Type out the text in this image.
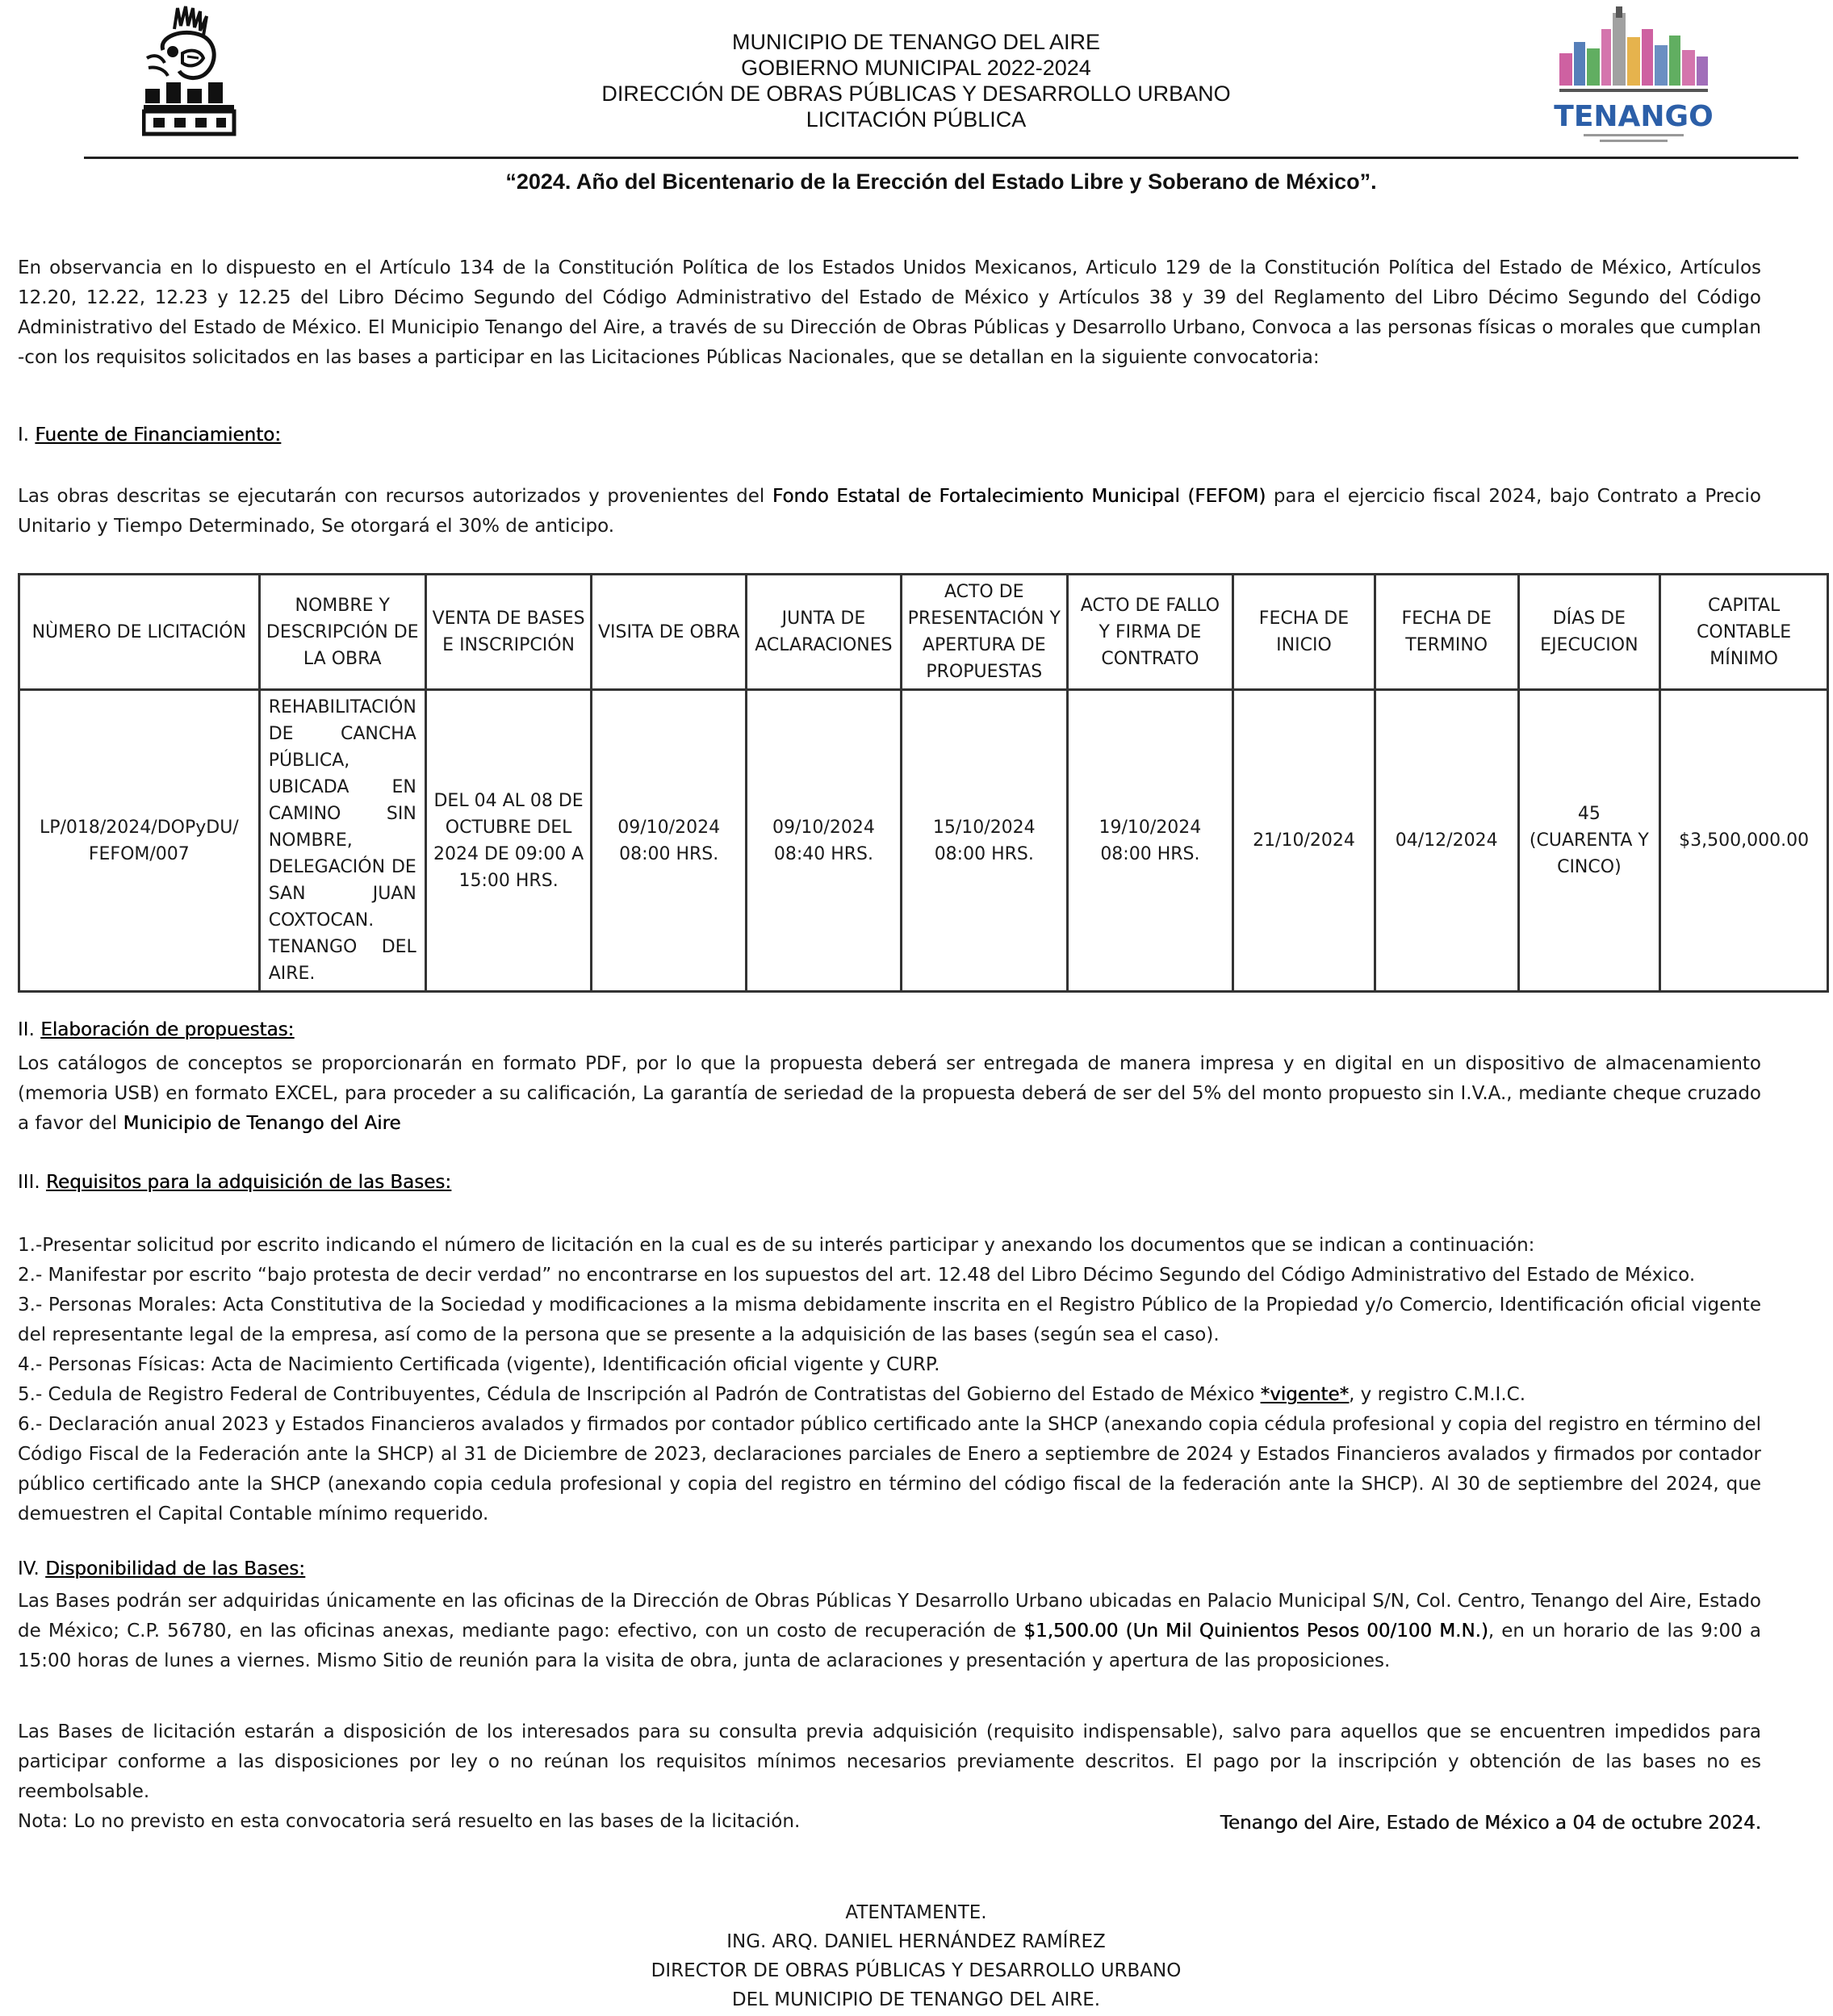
MUNICIPIO DE TENANGO DEL AIRE
GOBIERNO MUNICIPAL 2022-2024
DIRECCIÓN DE OBRAS PÚBLICAS Y DESARROLLO URBANO
LICITACIÓN PÚBLICA	TENANGO
“2024. Año del Bicentenario de la Erección del Estado Libre y Soberano de México”.
En observancia en lo dispuesto en el Artículo 134 de la Constitución Política de los Estados Unidos Mexicanos, Articulo 129 de la Constitución Política del Estado de México, Artículos 12.20, 12.22, 12.23 y 12.25 del Libro Décimo Segundo del Código Administrativo del Estado de México y Artículos 38 y 39 del Reglamento del Libro Décimo Segundo del Código Administrativo del Estado de México. El Municipio Tenango del Aire, a través de su Dirección de Obras Públicas y Desarrollo Urbano, Convoca a las personas físicas o morales que cumplan -con los requisitos solicitados en las bases a participar en las Licitaciones Públicas Nacionales, que se detallan en la siguiente convocatoria:
I. Fuente de Financiamiento:
Las obras descritas se ejecutarán con recursos autorizados y provenientes del Fondo Estatal de Fortalecimiento Municipal (FEFOM) para el ejercicio fiscal 2024, bajo Contrato a Precio Unitario y Tiempo Determinado, Se otorgará el 30% de anticipo.
NÙMERO DE LICITACIÓN	NOMBRE Y DESCRIPCIÓN DE LA OBRA	VENTA DE BASES E INSCRIPCIÓN	VISITA DE OBRA	JUNTA DE ACLARACIONES	ACTO DE PRESENTACIÓN Y APERTURA DE PROPUESTAS	ACTO DE FALLO Y FIRMA DE CONTRATO	FECHA DE INICIO	FECHA DE TERMINO	DÍAS DE EJECUCION	CAPITAL CONTABLE MÍNIMO
LP/018/2024/DOPyDU/ FEFOM/007	REHABILITACIÓN DE CANCHA PÚBLICA, UBICADA EN CAMINO SIN NOMBRE, DELEGACIÓN DE SAN JUAN COXTOCAN. TENANGO DEL AIRE.	DEL 04 AL 08 DE OCTUBRE DEL 2024 DE 09:00 A 15:00 HRS.	09/10/2024 08:00 HRS.	09/10/2024 08:40 HRS.	15/10/2024 08:00 HRS.	19/10/2024 08:00 HRS.	21/10/2024	04/12/2024	45 (CUARENTA Y CINCO)	$3,500,000.00
II. Elaboración de propuestas:
Los catálogos de conceptos se proporcionarán en formato PDF, por lo que la propuesta deberá ser entregada de manera impresa y en digital en un dispositivo de almacenamiento (memoria USB) en formato EXCEL, para proceder a su calificación, La garantía de seriedad de la propuesta deberá de ser del 5% del monto propuesto sin I.V.A., mediante cheque cruzado a favor del Municipio de Tenango del Aire
III. Requisitos para la adquisición de las Bases:
1.-Presentar solicitud por escrito indicando el número de licitación en la cual es de su interés participar y anexando los documentos que se indican a continuación:
2.- Manifestar por escrito “bajo protesta de decir verdad” no encontrarse en los supuestos del art. 12.48 del Libro Décimo Segundo del Código Administrativo del Estado de México.
3.- Personas Morales: Acta Constitutiva de la Sociedad y modificaciones a la misma debidamente inscrita en el Registro Público de la Propiedad y/o Comercio, Identificación oficial vigente del representante legal de la empresa, así como de la persona que se presente a la adquisición de las bases (según sea el caso).
4.- Personas Físicas: Acta de Nacimiento Certificada (vigente), Identificación oficial vigente y CURP.
5.- Cedula de Registro Federal de Contribuyentes, Cédula de Inscripción al Padrón de Contratistas del Gobierno del Estado de México *vigente*, y registro C.M.I.C.
6.- Declaración anual 2023 y Estados Financieros avalados y firmados por contador público certificado ante la SHCP (anexando copia cédula profesional y copia del registro en término del Código Fiscal de la Federación ante la SHCP) al 31 de Diciembre de 2023, declaraciones parciales de Enero a septiembre de 2024 y Estados Financieros avalados y firmados por contador público certificado ante la SHCP (anexando copia cedula profesional y copia del registro en término del código fiscal de la federación ante la SHCP). Al 30 de septiembre del 2024, que demuestren el Capital Contable mínimo requerido.
IV. Disponibilidad de las Bases:
Las Bases podrán ser adquiridas únicamente en las oficinas de la Dirección de Obras Públicas Y Desarrollo Urbano ubicadas en Palacio Municipal S/N, Col. Centro, Tenango del Aire, Estado de México; C.P. 56780, en las oficinas anexas, mediante pago: efectivo, con un costo de recuperación de $1,500.00 (Un Mil Quinientos Pesos 00/100 M.N.), en un horario de las 9:00 a 15:00 horas de lunes a viernes. Mismo Sitio de reunión para la visita de obra, junta de aclaraciones y presentación y apertura de las proposiciones.
Las Bases de licitación estarán a disposición de los interesados para su consulta previa adquisición (requisito indispensable), salvo para aquellos que se encuentren impedidos para participar conforme a las disposiciones por ley o no reúnan los requisitos mínimos necesarios previamente descritos. El pago por la inscripción y obtención de las bases no es reembolsable.
Nota: Lo no previsto en esta convocatoria será resuelto en las bases de la licitación.	Tenango del Aire, Estado de México a 04 de octubre 2024.
ATENTAMENTE.
ING. ARQ. DANIEL HERNÁNDEZ RAMÍREZ
DIRECTOR DE OBRAS PÚBLICAS Y DESARROLLO URBANO
DEL MUNICIPIO DE TENANGO DEL AIRE.
